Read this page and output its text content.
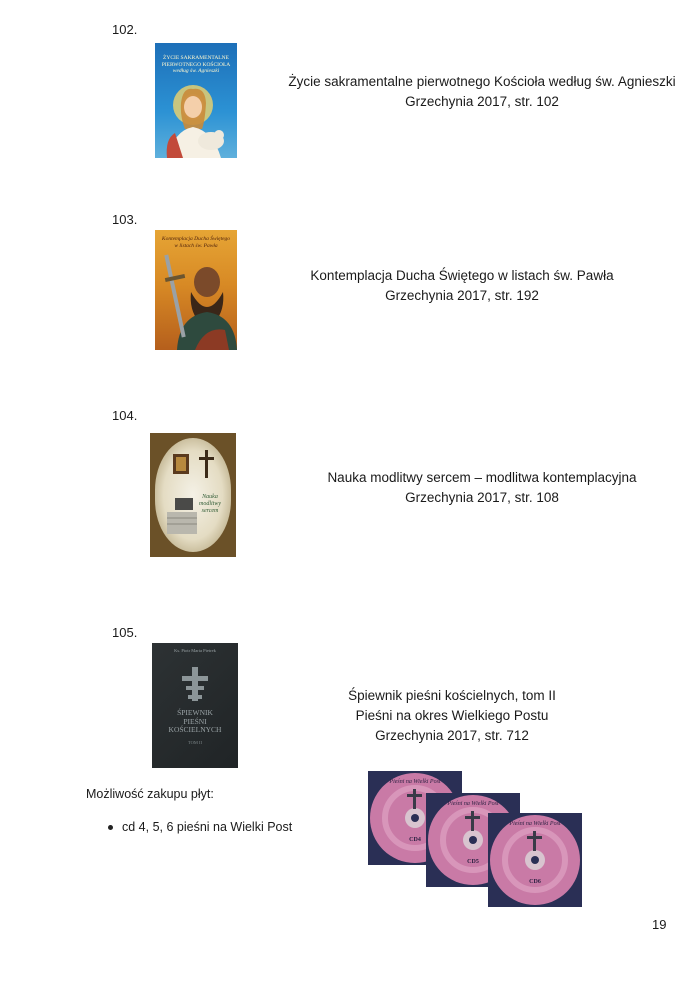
102.
ŻYCIE SAKRAMENTALNE
PIERWOTNEGO KOŚCIOŁA
według św. Agnieszki
Życie sakramentalne pierwotnego Kościoła według św. Agnieszki
Grzechynia 2017, str. 102
103.
Kontemplacja Ducha Świętego
w listach św. Pawła
Kontemplacja Ducha Świętego w listach św. Pawła
Grzechynia 2017, str. 192
104.
Nauka
modlitwy
sercem
Nauka modlitwy sercem – modlitwa kontemplacyjna
Grzechynia 2017, str. 108
105.
Ks. Piotr Maria Pietrek
ŚPIEWNIK
PIEŚNI
KOŚCIELNYCH
TOM II
Śpiewnik pieśni kościelnych, tom II
Pieśni na okres Wielkiego Postu
Grzechynia 2017, str. 712
Możliwość zakupu płyt:
cd 4, 5, 6 pieśni na Wielki Post
Pieśni na Wielki Post
CD4
Pieśni na Wielki Post
CD5
Pieśni na Wielki Post
CD6
19
